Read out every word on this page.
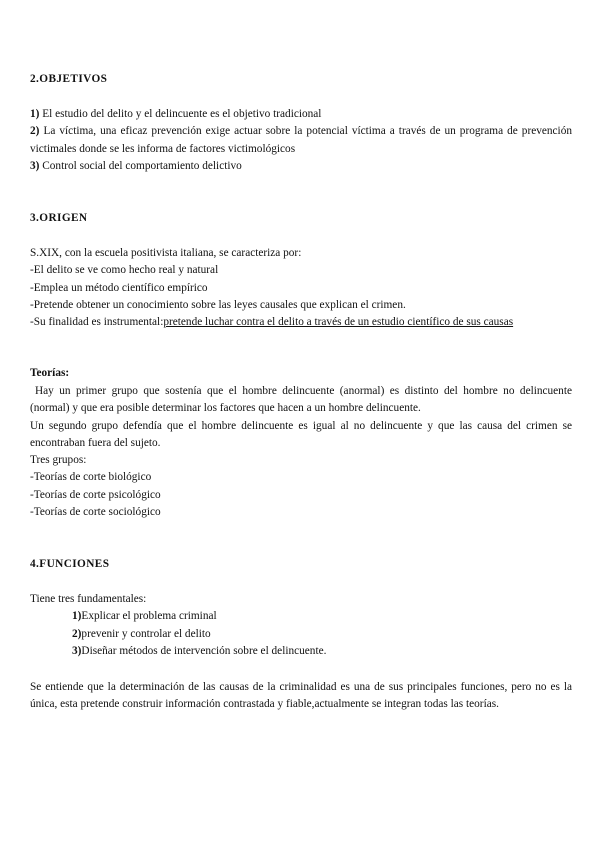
2.OBJETIVOS

1) El estudio del delito y el delincuente es el objetivo tradicional

2) La víctima, una eficaz prevención exige actuar sobre la potencial víctima a través de un programa de prevención victimales donde se les informa de factores victimológicos

3) Control social del comportamiento delictivo

3.ORIGEN

S.XIX, con la escuela positivista italiana, se caracteriza por:

-El delito se ve como hecho real y natural

-Emplea un método científico empírico

-Pretende obtener un conocimiento sobre las leyes causales que explican el crimen.

-Su finalidad es instrumental:pretende luchar contra el delito a través de un estudio científico de sus causas

Teorías:

Hay un primer grupo que sostenía que el hombre delincuente (anormal) es distinto del hombre no delincuente (normal) y que era posible determinar los factores que hacen a un hombre delincuente.

Un segundo grupo defendía que el hombre delincuente es igual al no delincuente y que las causa del crimen se encontraban fuera del sujeto.

Tres grupos:

-Teorías de corte biológico

-Teorías de corte psicológico

-Teorías de corte sociológico

4.FUNCIONES

Tiene tres fundamentales:

1)Explicar el problema criminal

2)prevenir y controlar el delito

3)Diseñar métodos de intervención sobre el delincuente.

Se entiende que la determinación de las causas de la criminalidad es una de sus principales funciones, pero no es la única, esta pretende construir información contrastada y fiable,actualmente se integran todas las teorías.
